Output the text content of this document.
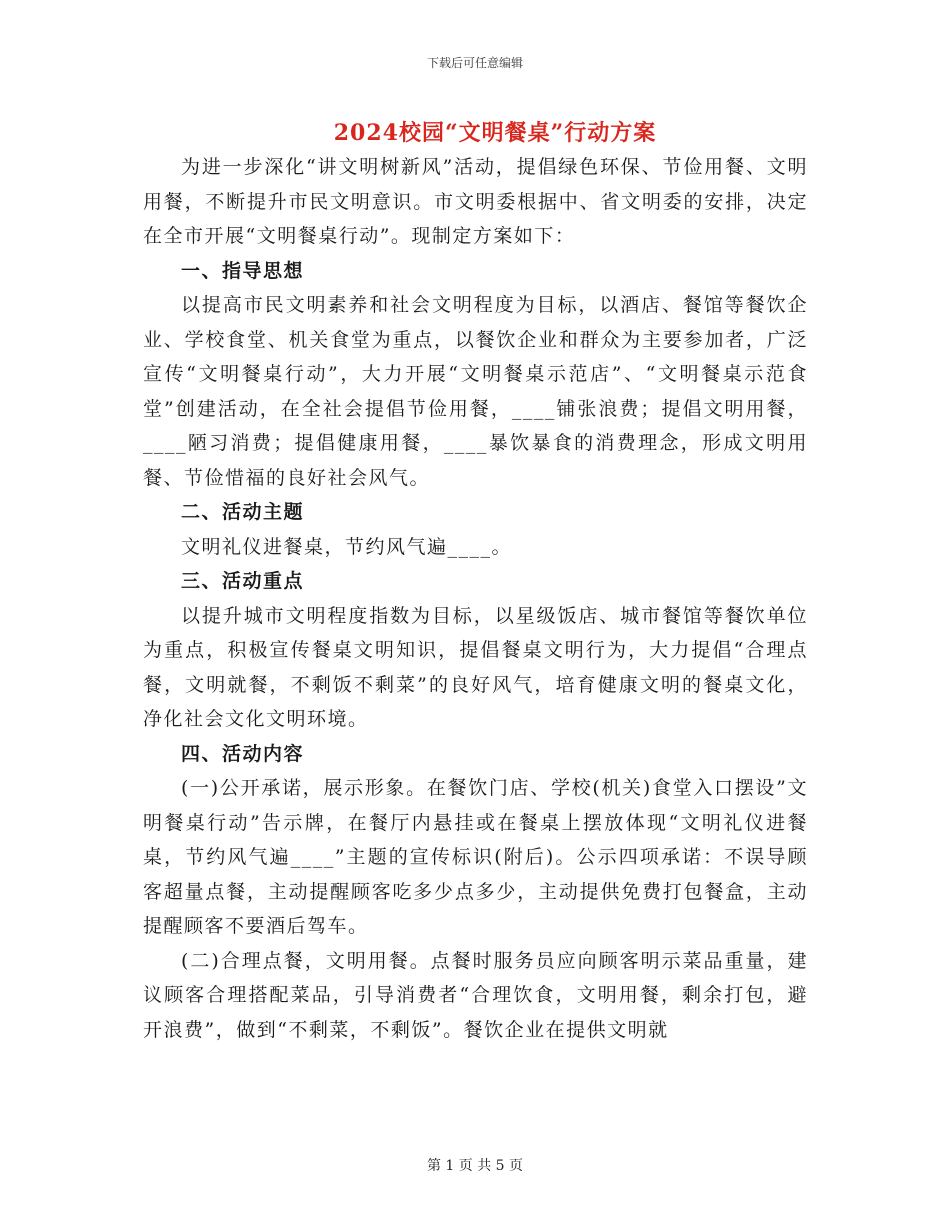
下载后可任意编辑
2024校园“文明餐桌”行动方案

为进一步深化“讲文明树新风”活动，提倡绿色环保、节俭用餐、文明用餐，不断提升市民文明意识。市文明委根据中、省文明委的安排，决定在全市开展“文明餐桌行动”。现制定方案如下：

一、指导思想

以提高市民文明素养和社会文明程度为目标，以酒店、餐馆等餐饮企业、学校食堂、机关食堂为重点，以餐饮企业和群众为主要参加者，广泛宣传“文明餐桌行动”，大力开展“文明餐桌示范店”、“文明餐桌示范食堂”创建活动，在全社会提倡节俭用餐，____铺张浪费；提倡文明用餐，____陋习消费；提倡健康用餐，____暴饮暴食的消费理念，形成文明用餐、节俭惜福的良好社会风气。

二、活动主题

文明礼仪进餐桌，节约风气遍____。

三、活动重点

以提升城市文明程度指数为目标，以星级饭店、城市餐馆等餐饮单位为重点，积极宣传餐桌文明知识，提倡餐桌文明行为，大力提倡“合理点餐，文明就餐，不剩饭不剩菜”的良好风气，培育健康文明的餐桌文化，净化社会文化文明环境。

四、活动内容

(一)公开承诺，展示形象。在餐饮门店、学校(机关)食堂入口摆设”文明餐桌行动”告示牌，在餐厅内悬挂或在餐桌上摆放体现“文明礼仪进餐桌，节约风气遍____”主题的宣传标识(附后)。公示四项承诺：不误导顾客超量点餐，主动提醒顾客吃多少点多少，主动提供免费打包餐盒，主动提醒顾客不要酒后驾车。

(二)合理点餐，文明用餐。点餐时服务员应向顾客明示菜品重量，建议顾客合理搭配菜品，引导消费者“合理饮食，文明用餐，剩余打包，避开浪费”，做到“不剩菜，不剩饭”。餐饮企业在提供文明就

第 1 页 共 5 页
